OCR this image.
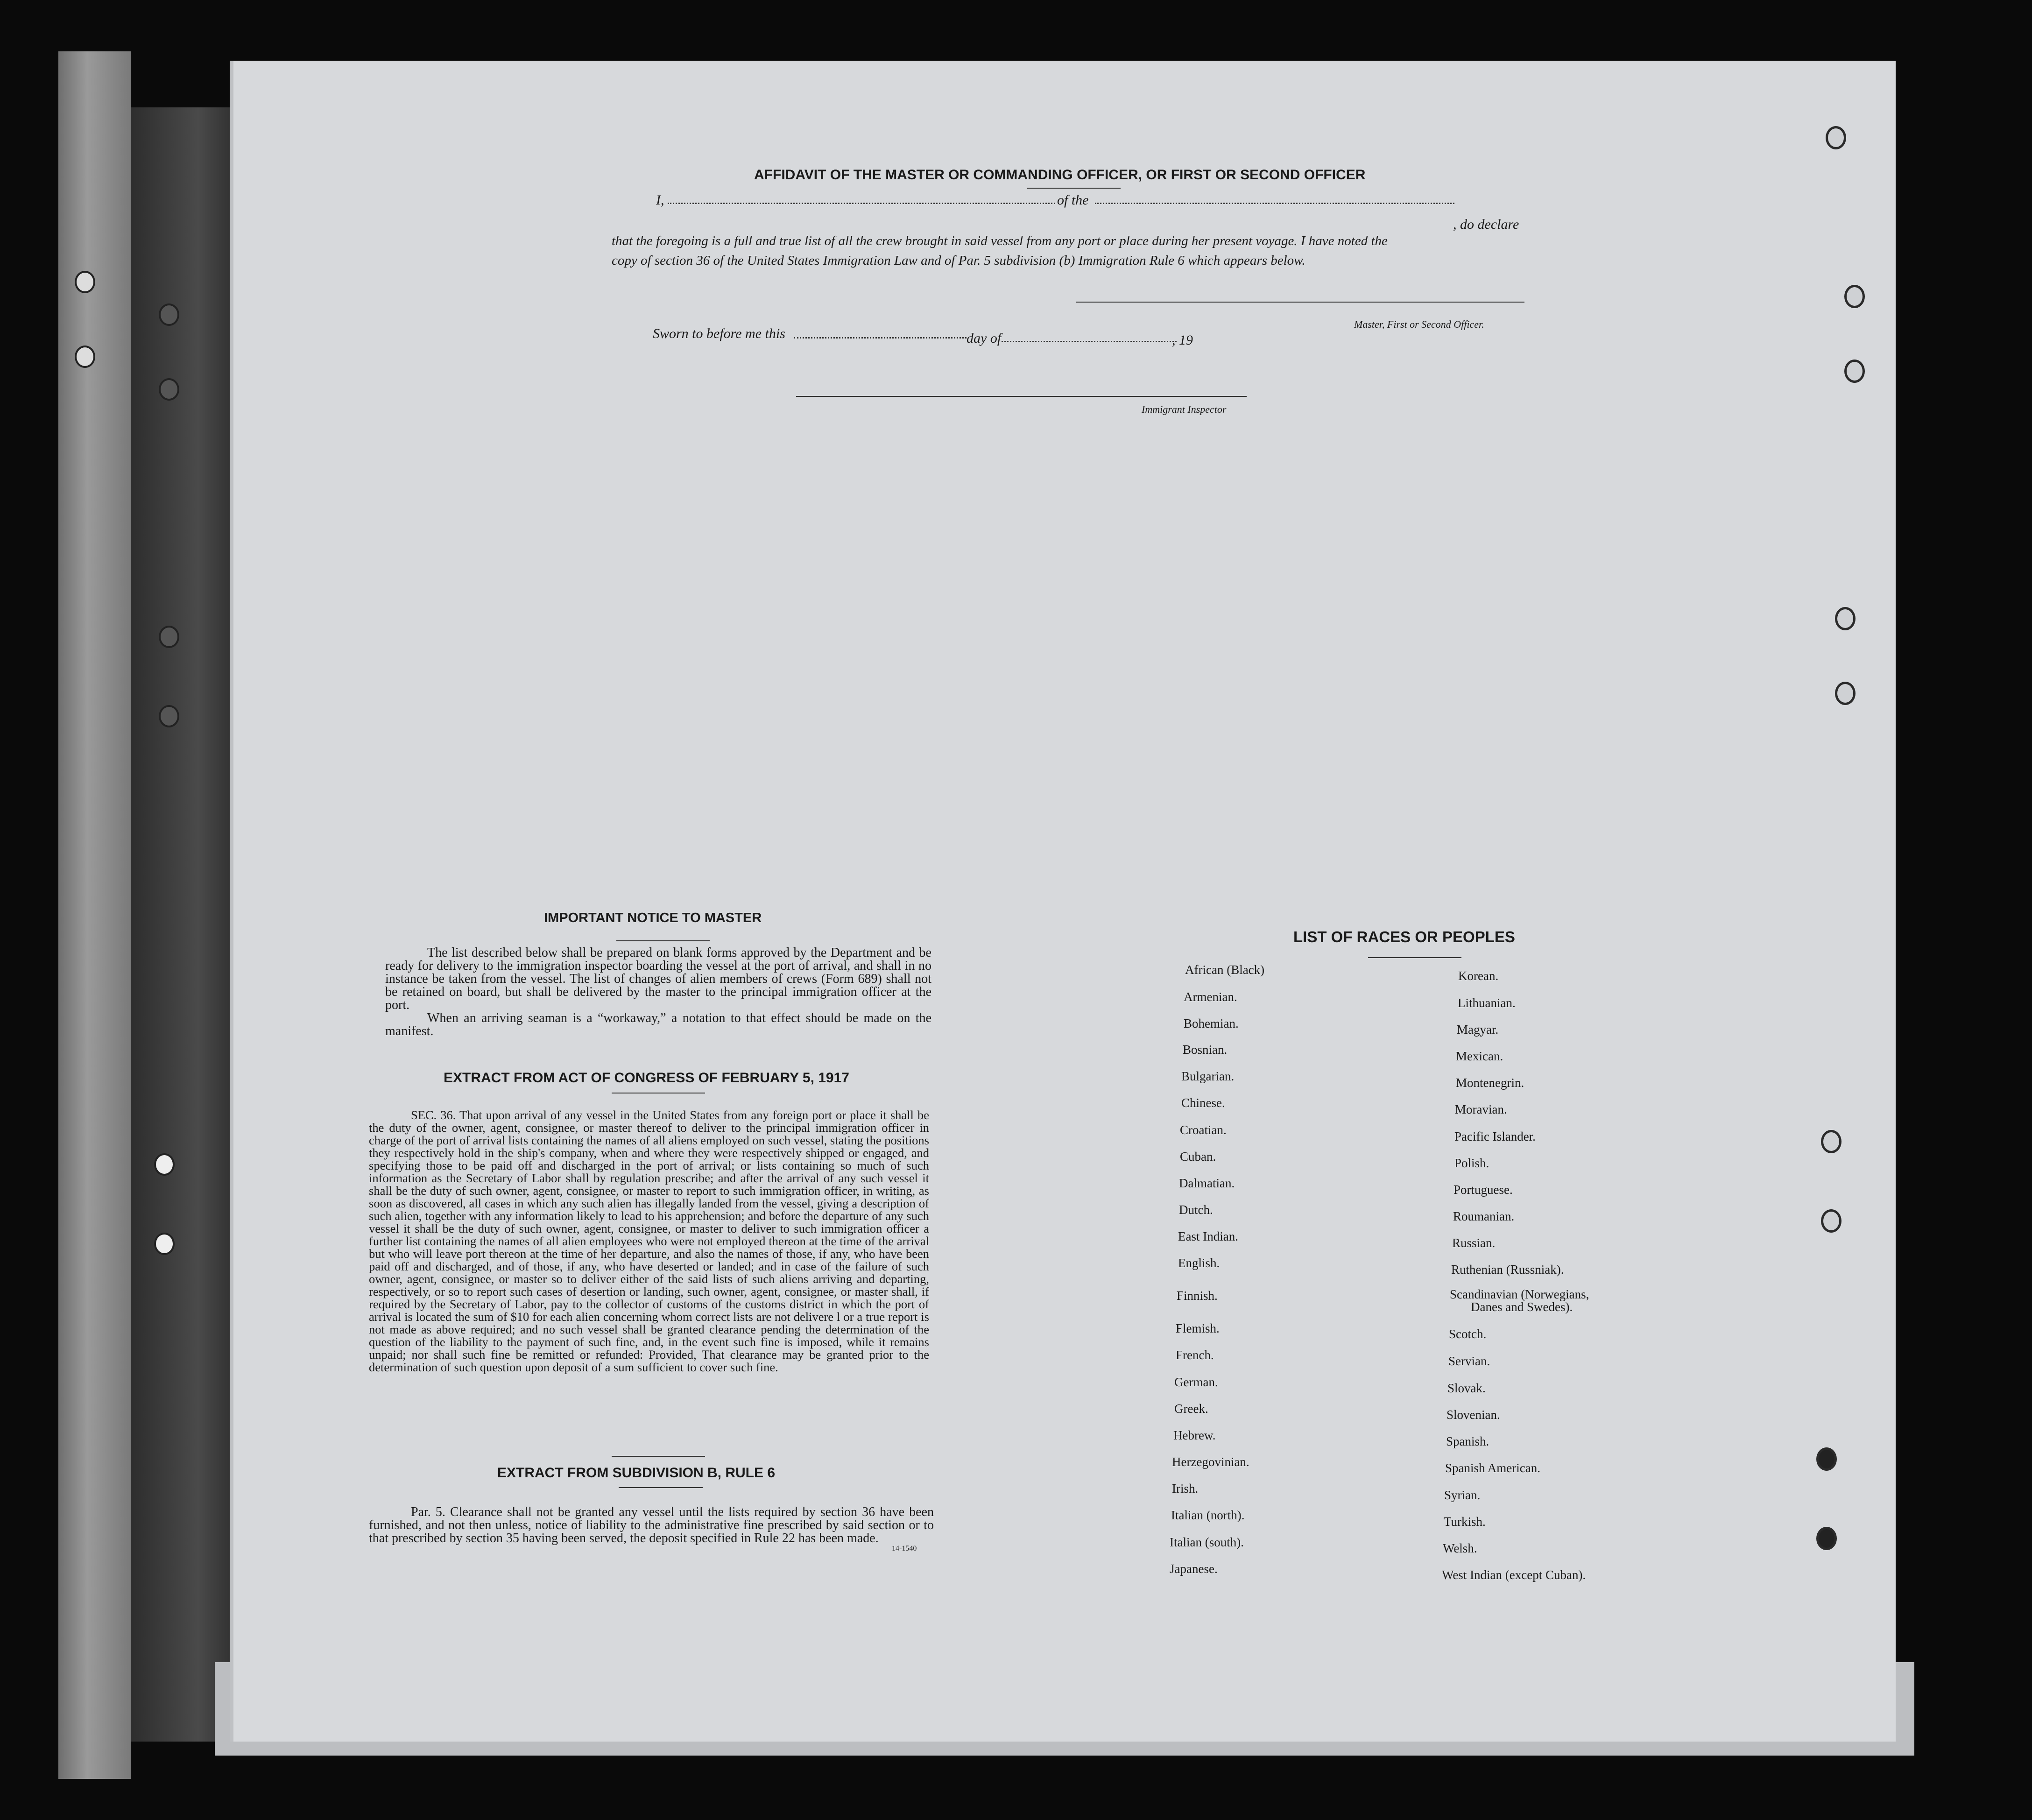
AFFIDAVIT OF THE MASTER OR COMMANDING OFFICER, OR FIRST OR SECOND OFFICER
I,	of the
, do declare
that the foregoing is a full and true list of all the crew brought in said vessel from any port or place during her present voyage. I have noted the
copy of section 36 of the United States Immigration Law and of Par. 5 subdivision (b) Immigration Rule 6 which appears below.
Master, First or Second Officer.
Sworn to before me this	day of	, 19
Immigrant Inspector
IMPORTANT NOTICE TO MASTER
The list described below shall be prepared on blank forms approved by the Department and be ready for delivery to the immigration inspector boarding the vessel at the port of arrival, and shall in no instance be taken from the vessel. The list of changes of alien members of crews (Form 689) shall not be retained on board, but shall be delivered by the master to the principal immigration officer at the port.
When an arriving seaman is a “workaway,” a notation to that effect should be made on the manifest.
EXTRACT FROM ACT OF CONGRESS OF FEBRUARY 5, 1917
SEC. 36. That upon arrival of any vessel in the United States from any foreign port or place it shall be the duty of the owner, agent, consignee, or master thereof to deliver to the principal immigration officer in charge of the port of arrival lists containing the names of all aliens employed on such vessel, stating the positions they respectively hold in the ship's company, when and where they were respectively shipped or engaged, and specifying those to be paid off and discharged in the port of arrival; or lists containing so much of such information as the Secretary of Labor shall by regulation prescribe; and after the arrival of any such vessel it shall be the duty of such owner, agent, consignee, or master to report to such immigration officer, in writing, as soon as discovered, all cases in which any such alien has illegally landed from the vessel, giving a description of such alien, together with any information likely to lead to his apprehension; and before the departure of any such vessel it shall be the duty of such owner, agent, consignee, or master to deliver to such immigration officer a further list containing the names of all alien employees who were not employed thereon at the time of the arrival but who will leave port thereon at the time of her departure, and also the names of those, if any, who have been paid off and discharged, and of those, if any, who have deserted or landed; and in case of the failure of such owner, agent, consignee, or master so to deliver either of the said lists of such aliens arriving and departing, respectively, or so to report such cases of desertion or landing, such owner, agent, consignee, or master shall, if required by the Secretary of Labor, pay to the collector of customs of the customs district in which the port of arrival is located the sum of $10 for each alien concerning whom correct lists are not delivere l or a true report is not made as above required; and no such vessel shall be granted clearance pending the determination of the question of the liability to the payment of such fine, and, in the event such fine is imposed, while it remains unpaid; nor shall such fine be remitted or refunded: Provided, That clearance may be granted prior to the determination of such question upon deposit of a sum sufficient to cover such fine.
EXTRACT FROM SUBDIVISION B, RULE 6
Par. 5. Clearance shall not be granted any vessel until the lists required by section 36 have been furnished, and not then unless, notice of liability to the administrative fine prescribed by said section or to that prescribed by section 35 having been served, the deposit specified in Rule 22 has been made.
14-1540
LIST OF RACES OR PEOPLES
African (Black)
Armenian.
Bohemian.
Bosnian.
Bulgarian.
Chinese.
Croatian.
Cuban.
Dalmatian.
Dutch.
East Indian.
English.
Finnish.
Flemish.
French.
German.
Greek.
Hebrew.
Herzegovinian.
Irish.
Italian (north).
Italian (south).
Japanese.
Korean.
Lithuanian.
Magyar.
Mexican.
Montenegrin.
Moravian.
Pacific Islander.
Polish.
Portuguese.
Roumanian.
Russian.
Ruthenian (Russniak).
Scandinavian (Norwegians,
Danes and Swedes).
Scotch.
Servian.
Slovak.
Slovenian.
Spanish.
Spanish American.
Syrian.
Turkish.
Welsh.
West Indian (except Cuban).
